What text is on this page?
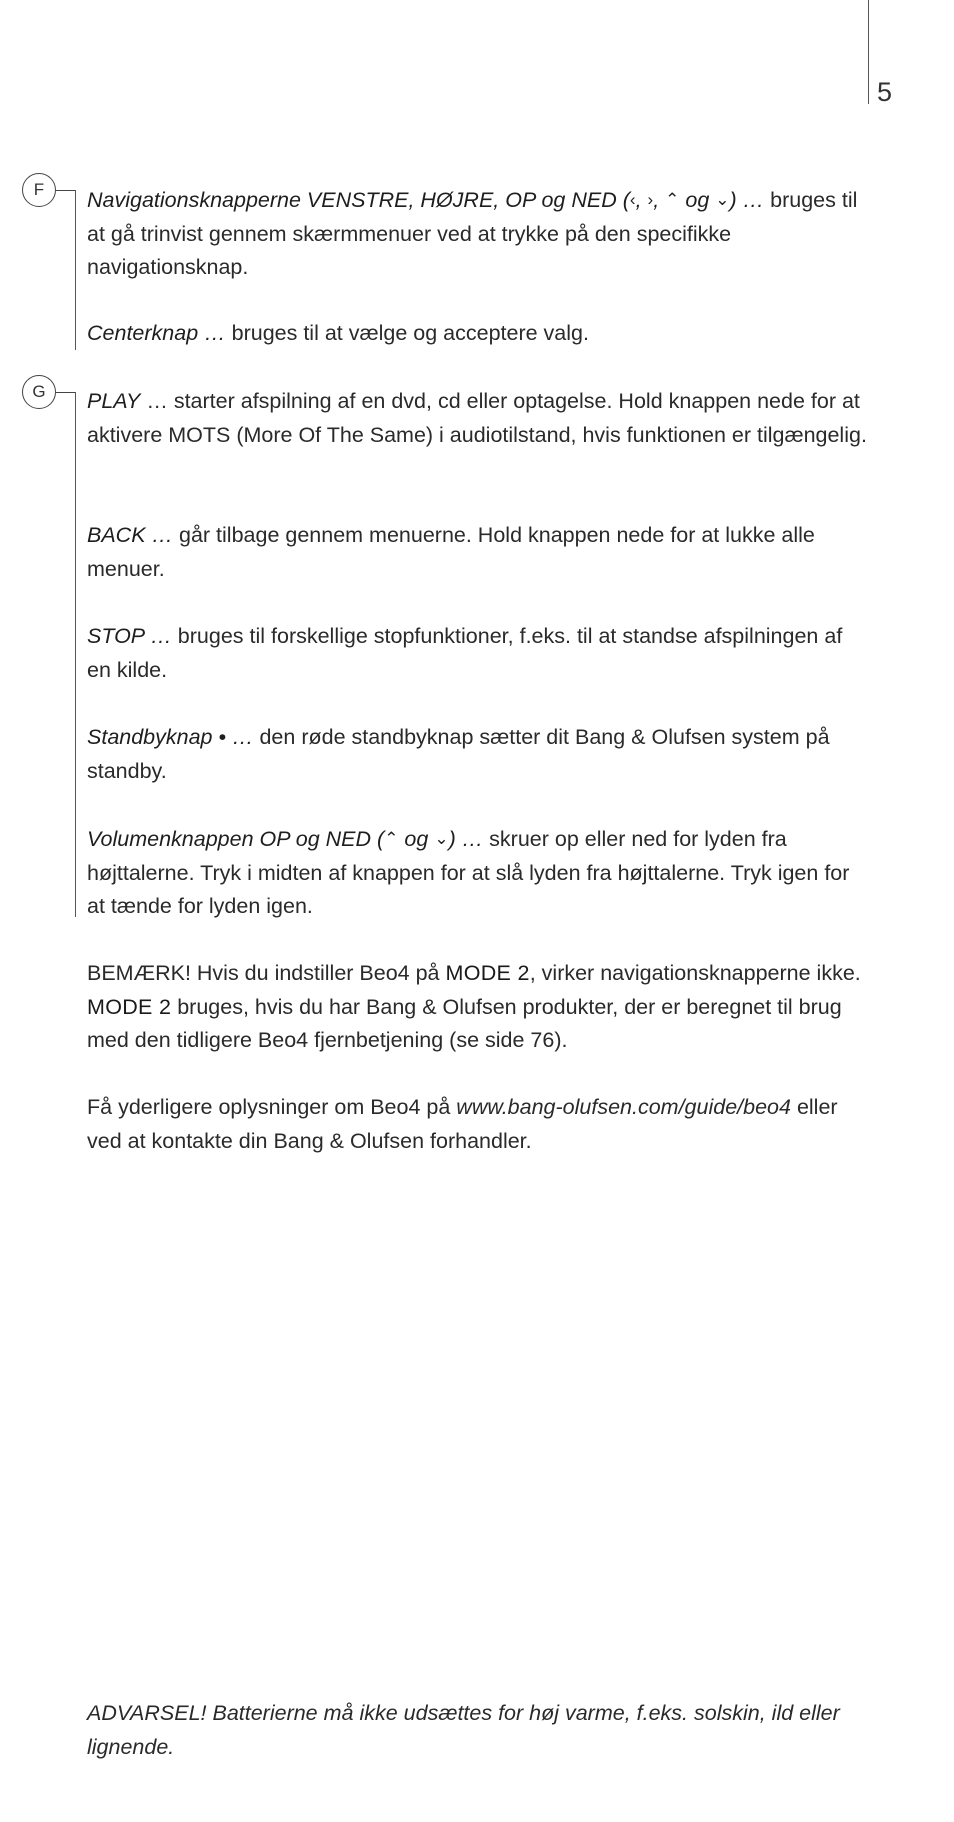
5
F
G

Navigationsknapperne VENSTRE, HØJRE, OP og NED (‹, ›, ⌃ og ⌄) … bruges til at gå trinvist gennem skærmmenuer ved at trykke på den specifikke navigationsknap.

Centerknap … bruges til at vælge og acceptere valg.

PLAY … starter afspilning af en dvd, cd eller optagelse. Hold knappen nede for at aktivere MOTS (More Of The Same) i audiotilstand, hvis funktionen er tilgængelig.

BACK … går tilbage gennem menuerne. Hold knappen nede for at lukke alle menuer.

STOP … bruges til forskellige stopfunktioner, f.eks. til at standse afspilningen af en kilde.

Standbyknap • … den røde standbyknap sætter dit Bang & Olufsen system på standby.

Volumenknappen OP og NED (⌃ og ⌄) … skruer op eller ned for lyden fra højttalerne. Tryk i midten af knappen for at slå lyden fra højttalerne. Tryk igen for at tænde for lyden igen.

BEMÆRK! Hvis du indstiller Beo4 på MODE 2, virker navigationsknapperne ikke. MODE 2 bruges, hvis du har Bang & Olufsen produkter, der er beregnet til brug med den tidligere Beo4 fjernbetjening (se side 76).

Få yderligere oplysninger om Beo4 på www.bang-olufsen.com/guide/beo4 eller ved at kontakte din Bang & Olufsen forhandler.

ADVARSEL! Batterierne må ikke udsættes for høj varme, f.eks. solskin, ild eller lignende.
